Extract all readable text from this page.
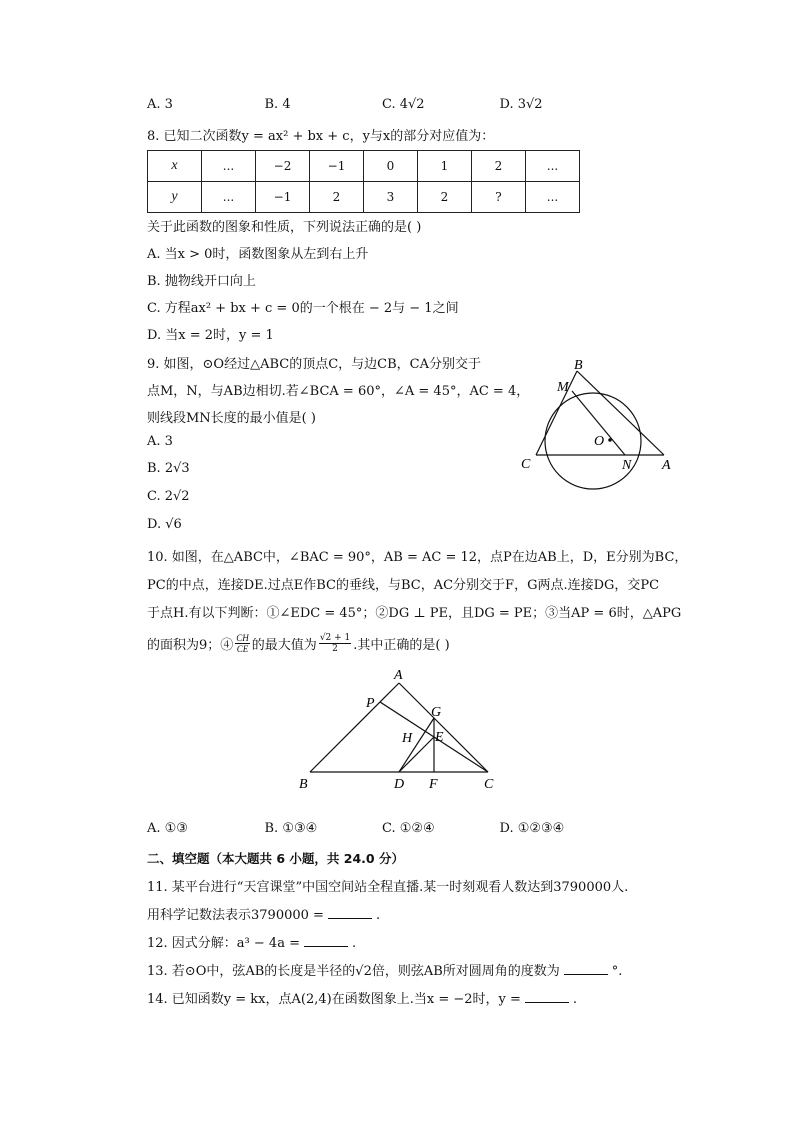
A. 3	B. 4	C. 4√2	D. 3√2
8. 已知二次函数y = ax² + bx + c，y与x的部分对应值为：
x	...	−2	−1	0	1	2	...
y	...	−1	2	3	2	?	...
关于此函数的图象和性质，下列说法正确的是( )
A. 当x > 0时，函数图象从左到右上升
B. 抛物线开口向上
C. 方程ax² + bx + c = 0的一个根在 − 2与 − 1之间
D. 当x = 2时，y = 1
9. 如图，⊙O经过△ABC的顶点C，与边CB，CA分别交于
点M，N，与AB边相切.若∠BCA = 60°，∠A = 45°，AC = 4，
则线段MN长度的最小值是( )
A. 3
B. 2√3
C. 2√2
D. √6
B
M
O
C	N A
10. 如图，在△ABC中，∠BAC = 90°，AB = AC = 12，点P在边AB上，D，E分别为BC，
PC的中点，连接DE.过点E作BC的垂线，与BC，AC分别交于F，G两点.连接DG，交PC
于点H.有以下判断：①∠EDC = 45°；②DG ⊥ PE，且DG = PE；③当AP = 6时，△APG
的面积为9；④ $\frac{CH}{CE}$ 的最大值为 $\frac{√2 + 1}{2}$ .其中正确的是( )
A
P
G
H E
B	D F	C
A. ①③	B. ①③④	C. ①②④	D. ①②③④
二、填空题（本大题共 6 小题，共 24.0 分）
11. 某平台进行“天宫课堂”中国空间站全程直播.某一时刻观看人数达到3790000人.
用科学记数法表示3790000 =	.
12. 因式分解：a³ − 4a =	.
13. 若⊙O中，弦AB的长度是半径的√2倍，则弦AB所对圆周角的度数为	°.
14. 已知函数y = kx，点A(2,4)在函数图象上.当x = −2时，y =	.
